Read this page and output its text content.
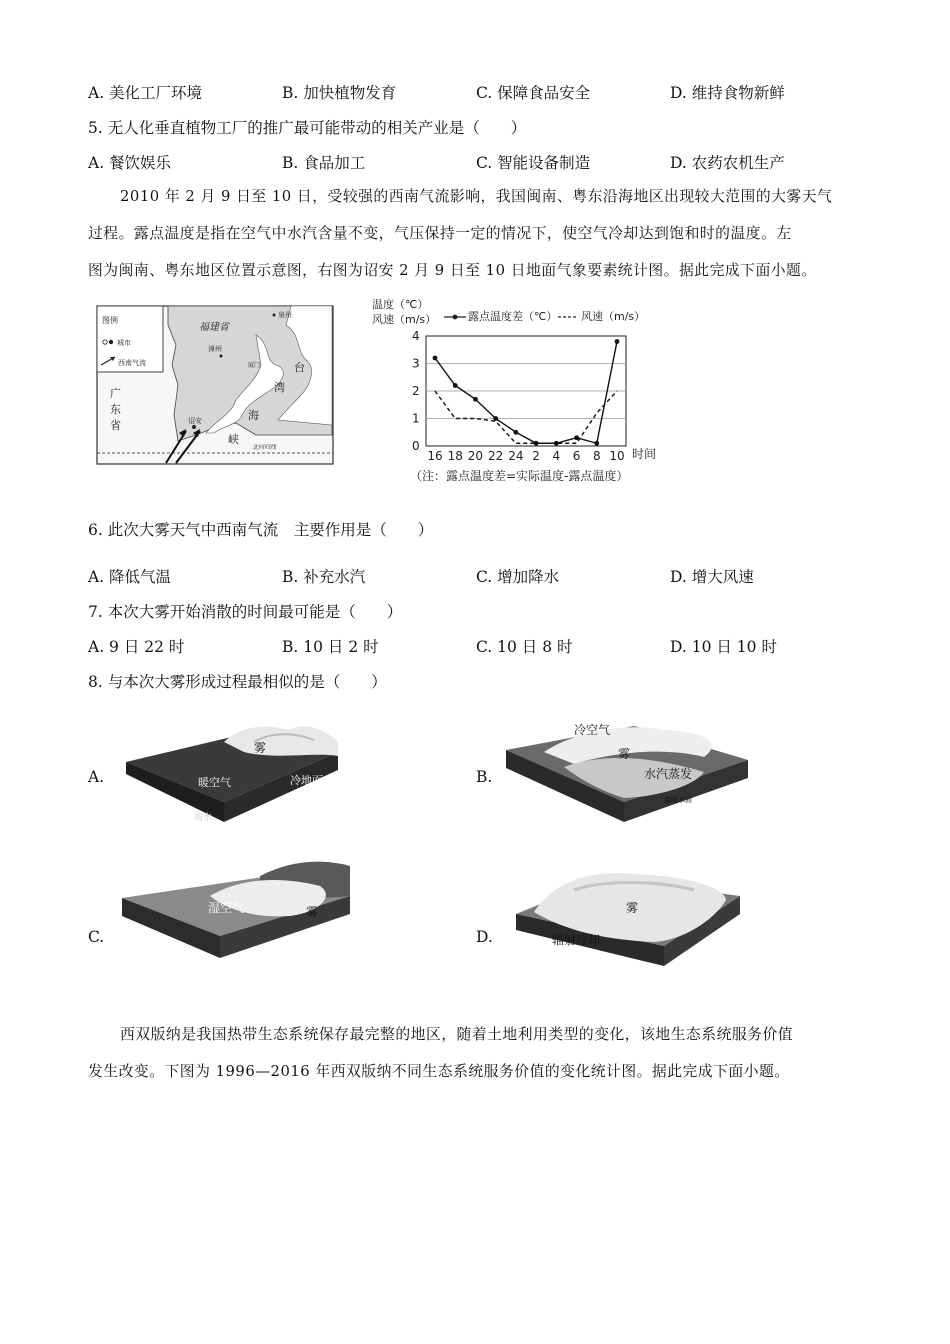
A. 美化工厂环境	B. 加快植物发育	C. 保障食品安全	D. 维持食物新鲜
5. 无人化垂直植物工厂的推广最可能带动的相关产业是（　　）
A. 餐饮娱乐	B. 食品加工	C. 智能设备制造	D. 农药农机生产

2010 年 2 月 9 日至 10 日，受较强的西南气流影响，我国闽南、粤东沿海地区出现较大范围的大雾天气

过程。露点温度是指在空气中水汽含量不变，气压保持一定的情况下，使空气冷却达到饱和时的温度。左

图为闽南、粤东地区位置示意图，右图为诏安 2 月 9 日至 10 日地面气象要素统计图。据此完成下面小题。

图例
城市
西南气流
福建省
泉州
漳州
厦门
广
东
省	诏安
台
湾
海
峡
北回归线
温度（℃）
风速（m/s）	露点温度差（℃） 风速（m/s）
0
1
2
3
4
16 18 20 22 24 2 4 6 8 10 时间
（注：露点温度差=实际温度-露点温度）
6. 此次大雾天气中西南气流　主要作用是（　　）
A. 降低气温	B. 补充水汽	C. 增加降水	D. 增大风速
7. 本次大雾开始消散的时间最可能是（　　）
A. 9 日 22 时	B. 10 日 2 时	C. 10 日 8 时	D. 10 日 10 时
8. 与本次大雾形成过程最相似的是（　　）
A.
雾
暖空气	冷地面
海水
B.
冷空气
雾
水汽蒸发
温暖水面
C.
湿空气	雾
D.
雾
辐射冷却

西双版纳是我国热带生态系统保存最完整的地区，随着土地利用类型的变化，该地生态系统服务价值

发生改变。下图为 1996—2016 年西双版纳不同生态系统服务价值的变化统计图。据此完成下面小题。
